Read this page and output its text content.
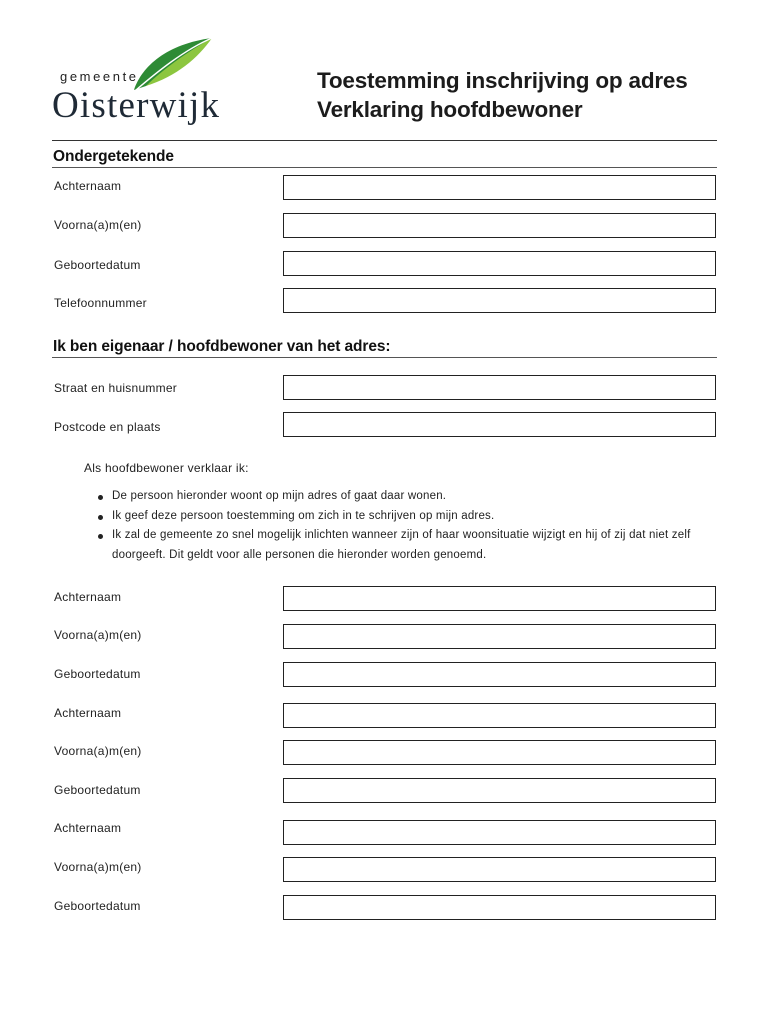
gemeente
Oisterwijk
Toestemming inschrijving op adres
Verklaring hoofdbewoner
Ondergetekende
Achternaam
Voorna(a)m(en)
Geboortedatum
Telefoonnummer
Ik ben eigenaar / hoofdbewoner van het adres:
Straat en huisnummer
Postcode en plaats
Als hoofdbewoner verklaar ik:
De persoon hieronder woont op mijn adres of gaat daar wonen.
Ik geef deze persoon toestemming om zich in te schrijven op mijn adres.
Ik zal de gemeente zo snel mogelijk inlichten wanneer zijn of haar woonsituatie wijzigt en hij of zij dat niet zelf doorgeeft. Dit geldt voor alle personen die hieronder worden genoemd.
Achternaam
Voorna(a)m(en)
Geboortedatum
Achternaam
Voorna(a)m(en)
Geboortedatum
Achternaam
Voorna(a)m(en)
Geboortedatum
